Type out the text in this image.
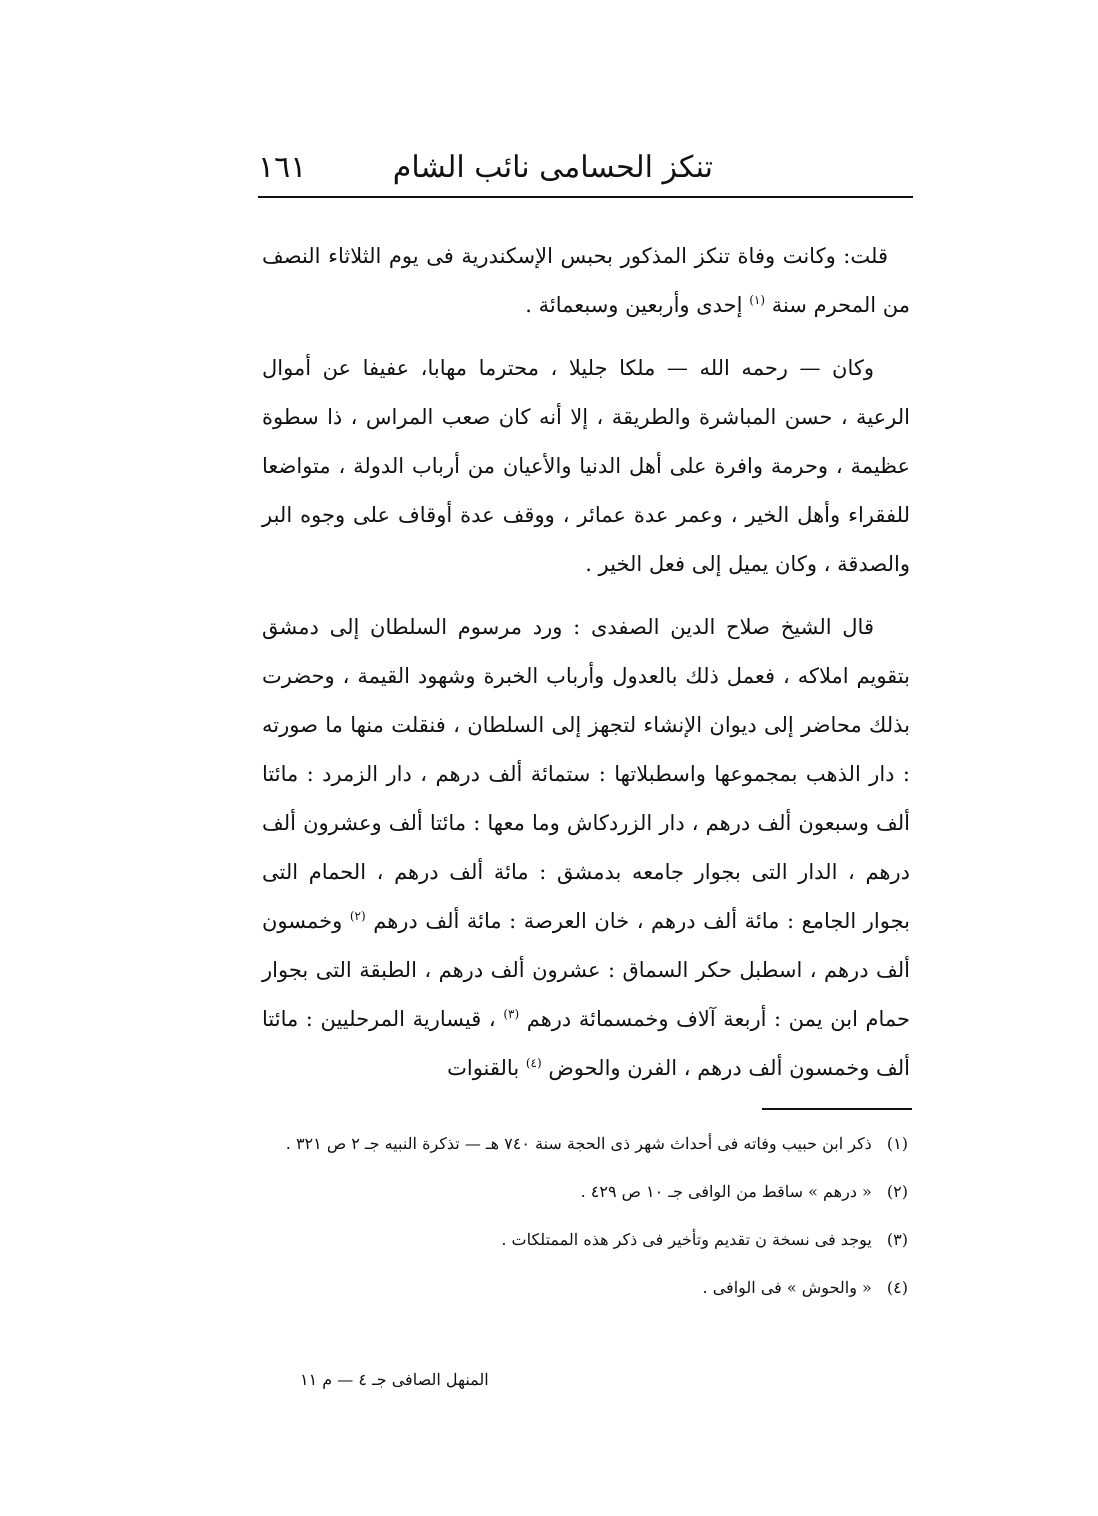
تنكز الحسامى نائب الشام
١٦١

قلت: وكانت وفاة تنكز المذكور بحبس الإسكندرية فى يوم الثلاثاء النصف من المحرم سنة $^{(١)}$ إحدى وأربعين وسبعمائة .

وكان — رحمه الله — ملكا جليلا ، محترما مهابا، عفيفا عن أموال الرعية ، حسن المباشرة والطريقة ، إلا أنه كان صعب المراس ، ذا سطوة عظيمة ، وحرمة وافرة على أهل الدنيا والأعيان من أرباب الدولة ، متواضعا للفقراء وأهل الخير ، وعمر عدة عمائر ، ووقف عدة أوقاف على وجوه البر والصدقة ، وكان يميل إلى فعل الخير .

قال الشيخ صلاح الدين الصفدى : ورد مرسوم السلطان إلى دمشق بتقويم املاكه ، فعمل ذلك بالعدول وأرباب الخبرة وشهود القيمة ، وحضرت بذلك محاضر إلى ديوان الإنشاء لتجهز إلى السلطان ، فنقلت منها ما صورته : دار الذهب بمجموعها واسطبلاتها : ستمائة ألف درهم ، دار الزمرد : مائتا ألف وسبعون ألف درهم ، دار الزردكاش وما معها : مائتا ألف وعشرون ألف درهم ، الدار التى بجوار جامعه بدمشق : مائة ألف درهم ، الحمام التى بجوار الجامع : مائة ألف درهم ، خان العرصة : مائة ألف درهم $^{(٢)}$ وخمسون ألف درهم ، اسطبل حكر السماق : عشرون ألف درهم ، الطبقة التى بجوار حمام ابن يمن : أربعة آلاف وخمسمائة درهم $^{(٣)}$ ، قيسارية المرحليين : مائتا ألف وخمسون ألف درهم ، الفرن والحوض $^{(٤)}$ بالقنوات

(١) ذكر ابن حبيب وفاته فى أحداث شهر ذى الحجة سنة ٧٤٠ هـ — تذكرة النبيه جـ ٢ ص ٣٢١ .

(٢) « درهم » ساقط من الوافى جـ ١٠ ص ٤٢٩ .

(٣) يوجد فى نسخة ن تقديم وتأخير فى ذكر هذه الممتلكات .

(٤) « والحوش » فى الوافى .

المنهل الصافى جـ ٤ — م ١١
